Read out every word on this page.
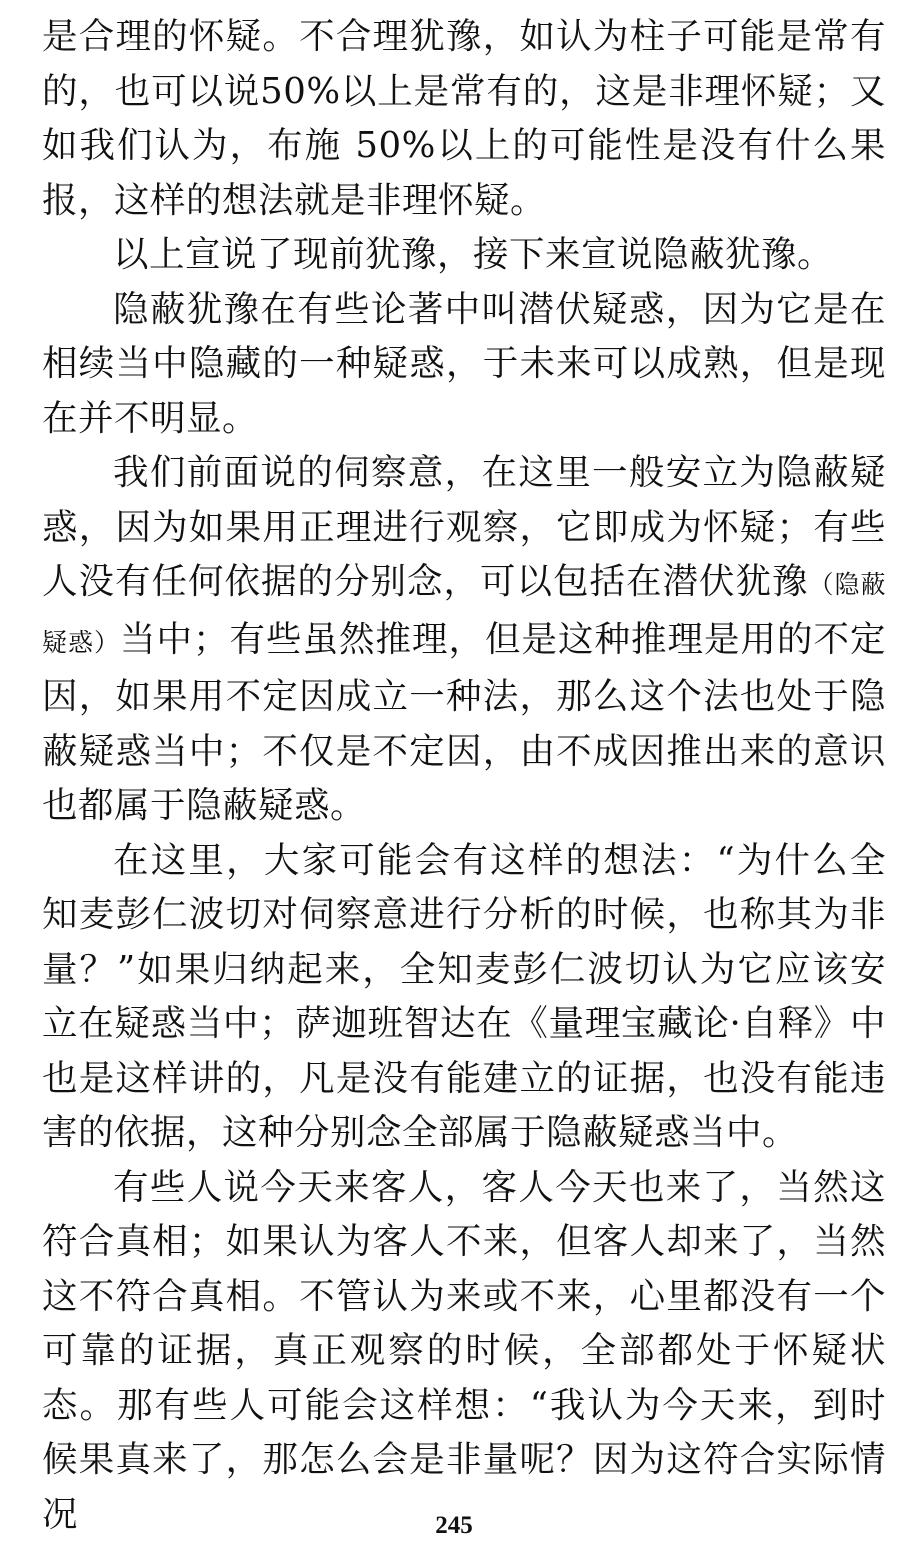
是合理的怀疑。不合理犹豫，如认为柱子可能是常有的，也可以说50%以上是常有的，这是非理怀疑；又如我们认为，布施 50%以上的可能性是没有什么果报，这样的想法就是非理怀疑。

以上宣说了现前犹豫，接下来宣说隐蔽犹豫。

隐蔽犹豫在有些论著中叫潜伏疑惑，因为它是在相续当中隐藏的一种疑惑，于未来可以成熟，但是现在并不明显。

我们前面说的伺察意，在这里一般安立为隐蔽疑惑，因为如果用正理进行观察，它即成为怀疑；有些人没有任何依据的分别念，可以包括在潜伏犹豫（隐蔽疑惑）当中；有些虽然推理，但是这种推理是用的不定因，如果用不定因成立一种法，那么这个法也处于隐蔽疑惑当中；不仅是不定因，由不成因推出来的意识也都属于隐蔽疑惑。

在这里，大家可能会有这样的想法：“为什么全知麦彭仁波切对伺察意进行分析的时候，也称其为非量？”如果归纳起来，全知麦彭仁波切认为它应该安立在疑惑当中；萨迦班智达在《量理宝藏论·自释》中也是这样讲的，凡是没有能建立的证据，也没有能违害的依据，这种分别念全部属于隐蔽疑惑当中。

有些人说今天来客人，客人今天也来了，当然这符合真相；如果认为客人不来，但客人却来了，当然这不符合真相。不管认为来或不来，心里都没有一个可靠的证据，真正观察的时候，全部都处于怀疑状态。那有些人可能会这样想：“我认为今天来，到时候果真来了，那怎么会是非量呢？因为这符合实际情况	245
